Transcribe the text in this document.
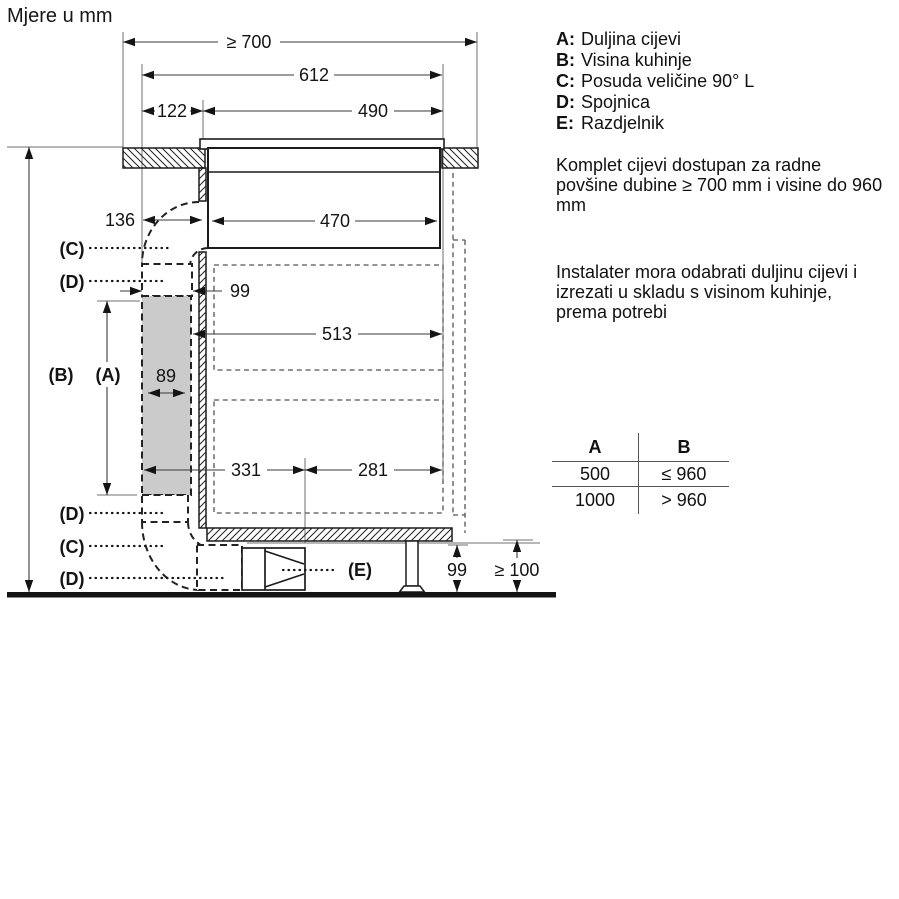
Mjere u mm
≥ 700
612
122	490
136	470
99
513
89
331	281
99 ≥ 100
(C)
(D)
(B) (A)
(D)
(C)
(D)	(E)
A: Duljina cijevi
B: Visina kuhinje
C: Posuda veličine 90° L
D: Spojnica
E: Razdjelnik
Komplet cijevi dostupan za radne povšine dubine ≥ 700 mm i visine do 960 mm
Instalater mora odabrati duljinu cijevi i izrezati u skladu s visinom kuhinje, prema potrebi
A	B
500	≤ 960
1000	> 960
